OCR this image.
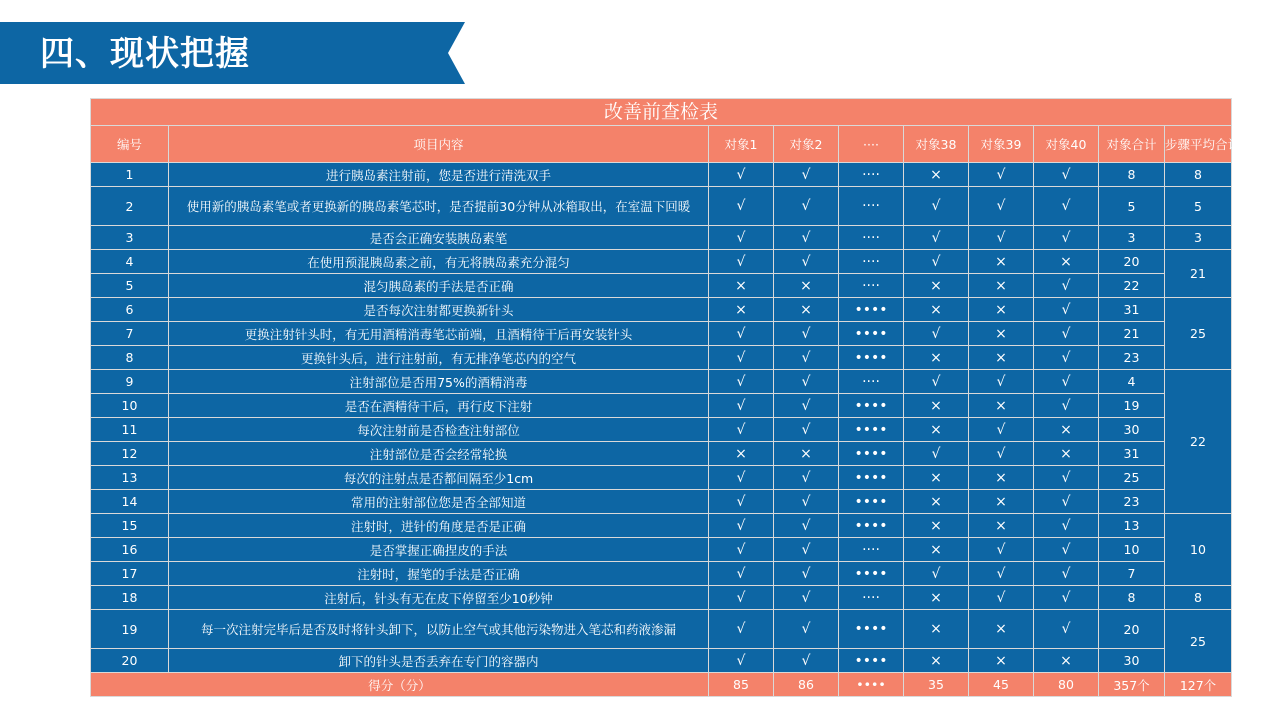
四、现状把握
改善前查检表									
编号	项目内容	对象1	对象2	····	对象38	对象39	对象40	对象合计	步骤平均合计
1	进行胰岛素注射前，您是否进行清洗双手	√	√	····	×	√	√	8	8
2	使用新的胰岛素笔或者更换新的胰岛素笔芯时，是否提前30分钟从冰箱取出，在室温下回暖	√	√	····	√	√	√	5	5
3	是否会正确安装胰岛素笔	√	√	····	√	√	√	3	3
4	在使用预混胰岛素之前，有无将胰岛素充分混匀	√	√	····	√	×	×	20	21
5	混匀胰岛素的手法是否正确	×	×	····	×	×	√	22	
6	是否每次注射都更换新针头	×	×	••••	×	×	√	31	25
7	更换注射针头时，有无用酒精消毒笔芯前端，且酒精待干后再安装针头	√	√	••••	√	×	√	21	
8	更换针头后，进行注射前，有无排净笔芯内的空气	√	√	••••	×	×	√	23	
9	注射部位是否用75%的酒精消毒	√	√	····	√	√	√	4	22
10	是否在酒精待干后，再行皮下注射	√	√	••••	×	×	√	19	
11	每次注射前是否检查注射部位	√	√	••••	×	√	×	30	
12	注射部位是否会经常轮换	×	×	••••	√	√	×	31	
13	每次的注射点是否都间隔至少1cm	√	√	••••	×	×	√	25	
14	常用的注射部位您是否全部知道	√	√	••••	×	×	√	23	
15	注射时，进针的角度是否是正确	√	√	••••	×	×	√	13	10
16	是否掌握正确捏皮的手法	√	√	····	×	√	√	10	
17	注射时，握笔的手法是否正确	√	√	••••	√	√	√	7	
18	注射后，针头有无在皮下停留至少10秒钟	√	√	····	×	√	√	8	8
19	每一次注射完毕后是否及时将针头卸下，以防止空气或其他污染物进入笔芯和药液渗漏	√	√	••••	×	×	√	20	25
20	卸下的针头是否丢弃在专门的容器内	√	√	••••	×	×	×	30	
得分（分）		85	86	••••	35	45	80	357个	127个
